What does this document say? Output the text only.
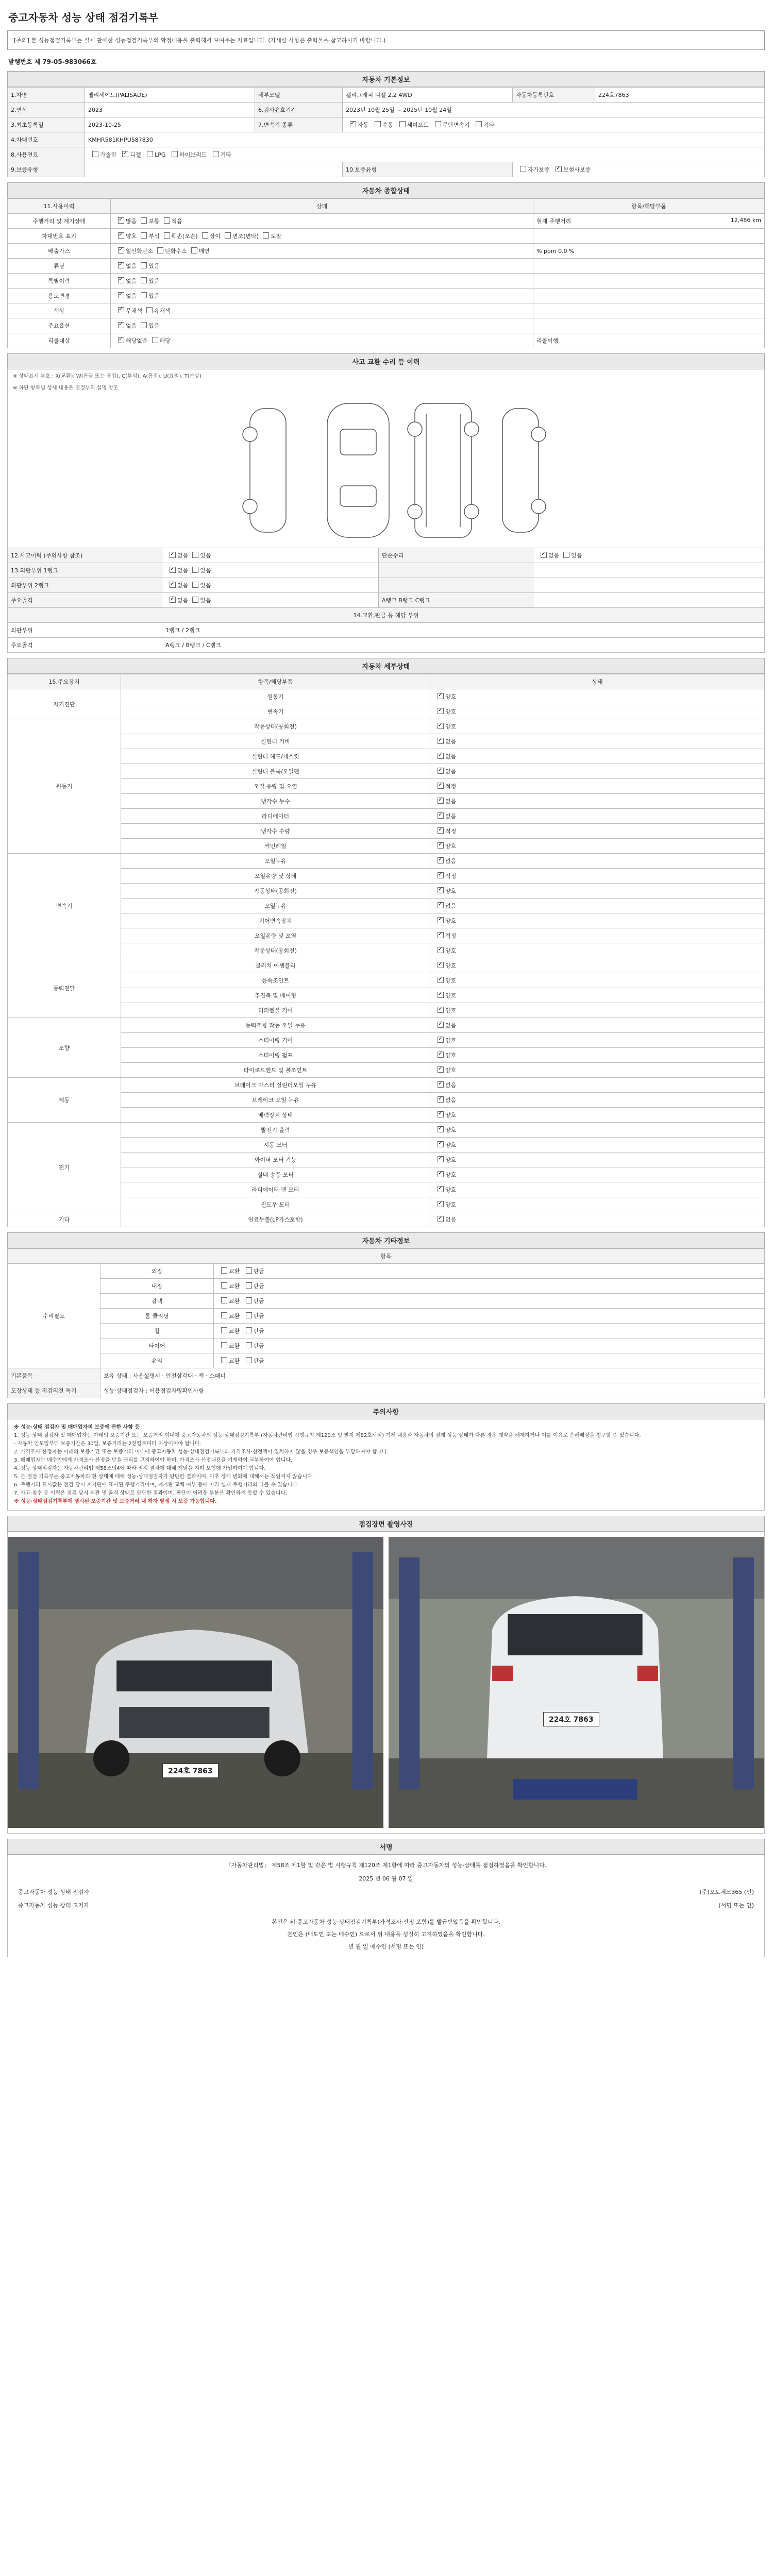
중고자동차 성능 상태 점검기록부
[주의] 본 성능점검기록부는 실제 판매한 성능점검기록부의 확정내용을 출력해서 보여주는 자료입니다. (자세한 사항은 출력물을 참고하시기 바랍니다.)
발행번호 제 79-05-983066호
자동차 기본정보
1.차명	팰리세이드(PALISADE)	세부모델	캘리그래피 디젤 2.2 4WD	자동차등록번호	224호7863
2.연식	2023	6.검사유효기간	2023년 10월 25일 ~ 2025년 10월 24일		
3.최초등록일	2023-10-25	7.변속기 종류	✓자동 수동 세미오토 무단변속기 기타
4.차대번호	KMHR581KHPU587830				
8.사용연료	가솔린 ✓ 디젤 LPG 하이브리드 기타
9.보증유형			10.보증유형	자가보증 ✓ 보험사보증
자동차 종합상태
11.사용이력	상태	항목/해당부품
주행거리 및 계기상태	✓많음 보통 적음	현재 주행거리 12,486 km

차대번호 표기	✓양호 부식 훼손(오손) 상이 변조(변타) 도말	

배출가스	✓일산화탄소 탄화수소 매연	% ppm 0.0 %

튜닝	✓없음 있음	

특별이력	✓없음 있음	

용도변경	✓없음 있음	

색상	✓무채색 유채색	

주요옵션	✓없음 있음	

리콜대상	✓해당없음 해당	리콜이행
사고 교환 수리 등 이력
※ 상태표시 부호 : X(교환), W(판금 또는 용접), C(부식), A(흠집), U(요철), T(손상)
※ 하단 항목별 상세 내용은 점검부위 설명 참조
12.사고이력 (주의사항 참조)	✓없음 있음	단순수리	✓없음 있음
13.외판부위 1랭크	✓없음 있음		
외판부위 2랭크	✓없음 있음		
주요골격	✓없음 있음	A랭크 B랭크 C랭크	
14.교환,판금 등 해당 부위			
외판부위	1랭크 / 2랭크		
주요골격	A랭크 / B랭크 / C랭크		
자동차 세부상태
15.주요장치	항목/해당부품	상태
자기진단	원동기	✓양호
	변속기	✓양호
원동기	작동상태(공회전)	✓양호
	실린더 커버	✓없음
	실린더 헤드/개스킷	✓없음
	실린더 블록/오일팬	✓없음
	오일 유량 및 오염	✓적정
	냉각수 누수	✓없음
	라디에이터	✓없음
	냉각수 수량	✓적정
	커먼레일	✓양호
변속기	오일누유	✓없음
	오일유량 및 상태	✓적정
	작동상태(공회전)	✓양호
	오일누유	✓없음
	기어변속장치	✓양호
	오일유량 및 오염	✓적정
	작동상태(공회전)	✓양호
동력전달	클러치 어셈블리	✓양호
	등속조인트	✓양호
	추진축 및 베어링	✓양호
	디퍼렌셜 기어	✓양호
조향	동력조향 작동 오일 누유	✓없음
	스티어링 기어	✓양호
	스티어링 펌프	✓양호
	타이로드엔드 및 볼조인트	✓양호
제동	브레이크 마스터 실린더오일 누유	✓없음
	브레이크 오일 누유	✓없음
	배력장치 상태	✓양호
전기	발전기 출력	✓양호
	시동 모터	✓양호
	와이퍼 모터 기능	✓양호
	실내 송풍 모터	✓양호
	라디에이터 팬 모터	✓양호
	윈도우 모터	✓양호
기타	연료누출(LP가스포함)	✓없음
자동차 기타정보
항목		
수리필요	외장	교환 판금
	내장	교환 판금
	광택	교환 판금
	룸 클리닝	교환 판금
	휠	교환 판금
	타이어	교환 판금
	유리	교환 판금
기본품목	보유 상태 : 사용설명서 · 안전삼각대 · 잭 · 스패너	
도장상태 등 점검의견 특기	성능·상태점검자 : 이용점검자명확인사항	
주의사항
※ 성능·상태 점검자 및 매매업자의 보증에 관한 사항 등
1. 성능·상태 점검자 및 매매업자는 아래의 보증기간 또는 보증거리 이내에 중고자동차의 성능·상태점검기록부 (자동차관리법 시행규칙 제120조 및 별지 제82호서식) 기재 내용과 자동차의 실제 성능·상태가 다른 경우 계약을 해제하거나 이를 이유로 손해배상을 청구할 수 있습니다.
- 자동차 인도일부터 보증기간은 30일, 보증거리는 2천킬로미터 이상이어야 합니다.
2. 가격조사 산정자는 아래의 보증기간 또는 보증거리 이내에 중고자동차 성능·상태점검기록부와 가격조사·산정액이 일치하지 않을 경우 보증책임을 부담하여야 합니다.
3. 매매업자는 매수인에게 가격조사·산정을 받을 권리를 고지하여야 하며, 가격조사·산정내용을 기재하여 교부하여야 합니다.
4. 성능·상태점검자는 자동차관리법 제58조의4에 따라 점검 결과에 대해 책임을 지며 보험에 가입하여야 합니다.
5. 본 점검 기록부는 중고자동차의 현 상태에 대해 성능·상태점검자가 판단한 결과이며, 이후 상태 변화에 대해서는 책임지지 않습니다.
6. 주행거리 표시값은 점검 당시 계기판에 표시된 주행거리이며, 계기판 교체 여부 등에 따라 실제 주행거리와 다를 수 있습니다.
7. 사고·침수 등 이력은 점검 당시 외관 및 골격 상태로 판단한 결과이며, 판단이 어려운 부분은 확인하지 못할 수 있습니다.
※ 성능·상태점검기록부에 명시된 보증기간 및 보증거리 내 하자 발생 시 보증 가능합니다.
점검장면 촬영사진
224호 7863
224호 7863
서명
「자동차관리법」 제58조 제1항 및 같은 법 시행규칙 제120조 제1항에 따라 중고자동차의 성능·상태를 점검하였음을 확인합니다.
2025 년 06 월 07 일
중고자동차 성능·상태 점검자	(주)오토체크365 (인)
중고자동차 성능·상태 고지자	(서명 또는 인)
본인은 위 중고자동차 성능·상태점검기록부(가격조사·산정 포함)를 발급받았음을 확인합니다.
본인은 (매도인 또는 매수인) 으로서 위 내용을 성실히 고지하였음을 확인합니다.
년 월 일 매수인 (서명 또는 인)
